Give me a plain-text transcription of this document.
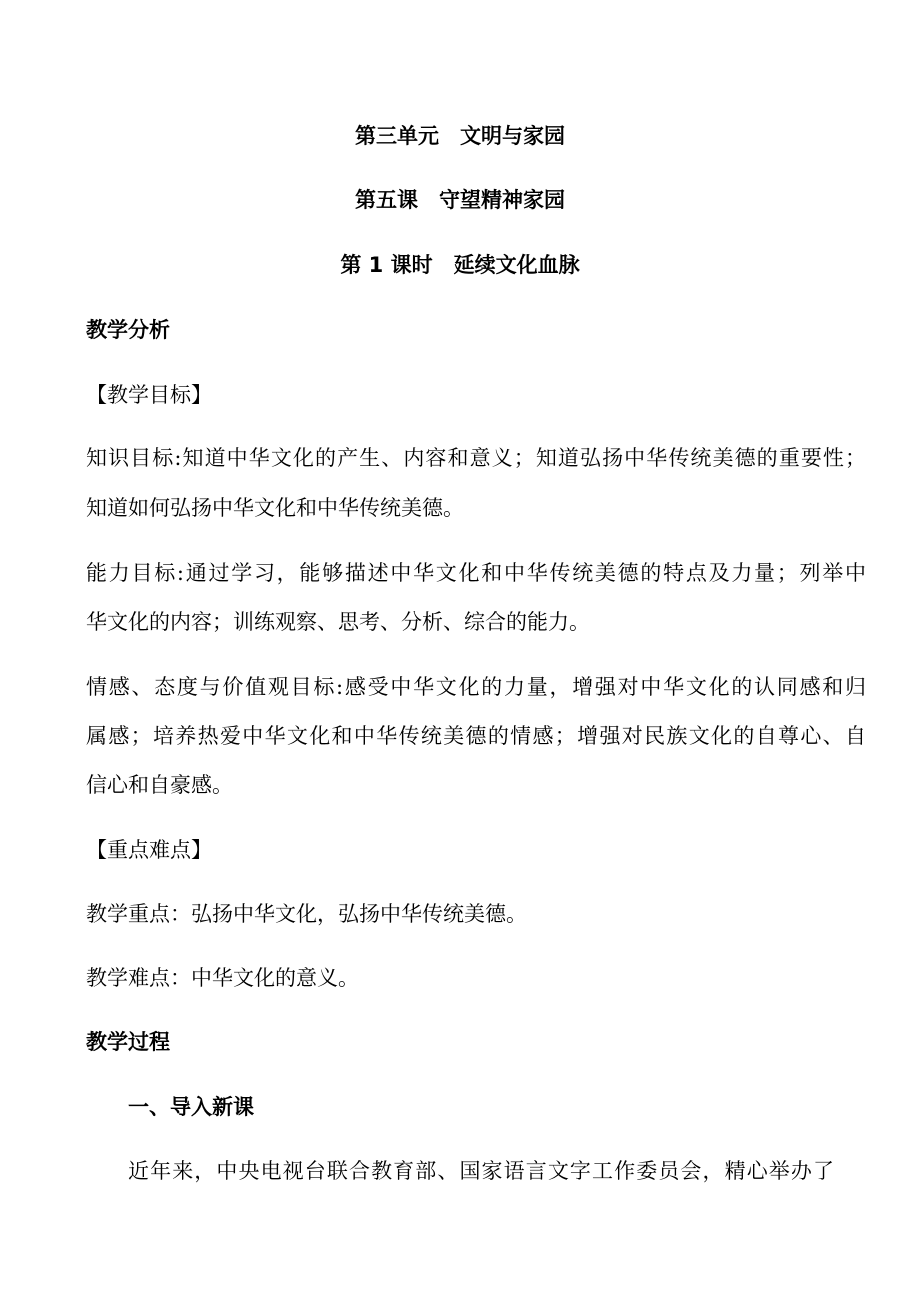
第三单元　文明与家园
第五课　守望精神家园
第 1 课时　延续文化血脉
教学分析
【教学目标】
知识目标:知道中华文化的产生、内容和意义；知道弘扬中华传统美德的重要性；
知道如何弘扬中华文化和中华传统美德。
能力目标:通过学习，能够描述中华文化和中华传统美德的特点及力量；列举中
华文化的内容；训练观察、思考、分析、综合的能力。
情感、态度与价值观目标:感受中华文化的力量，增强对中华文化的认同感和归
属感；培养热爱中华文化和中华传统美德的情感；增强对民族文化的自尊心、自
信心和自豪感。
【重点难点】
教学重点：弘扬中华文化，弘扬中华传统美德。
教学难点：中华文化的意义。
教学过程
一、导入新课
近年来，中央电视台联合教育部、国家语言文字工作委员会，精心举办了
